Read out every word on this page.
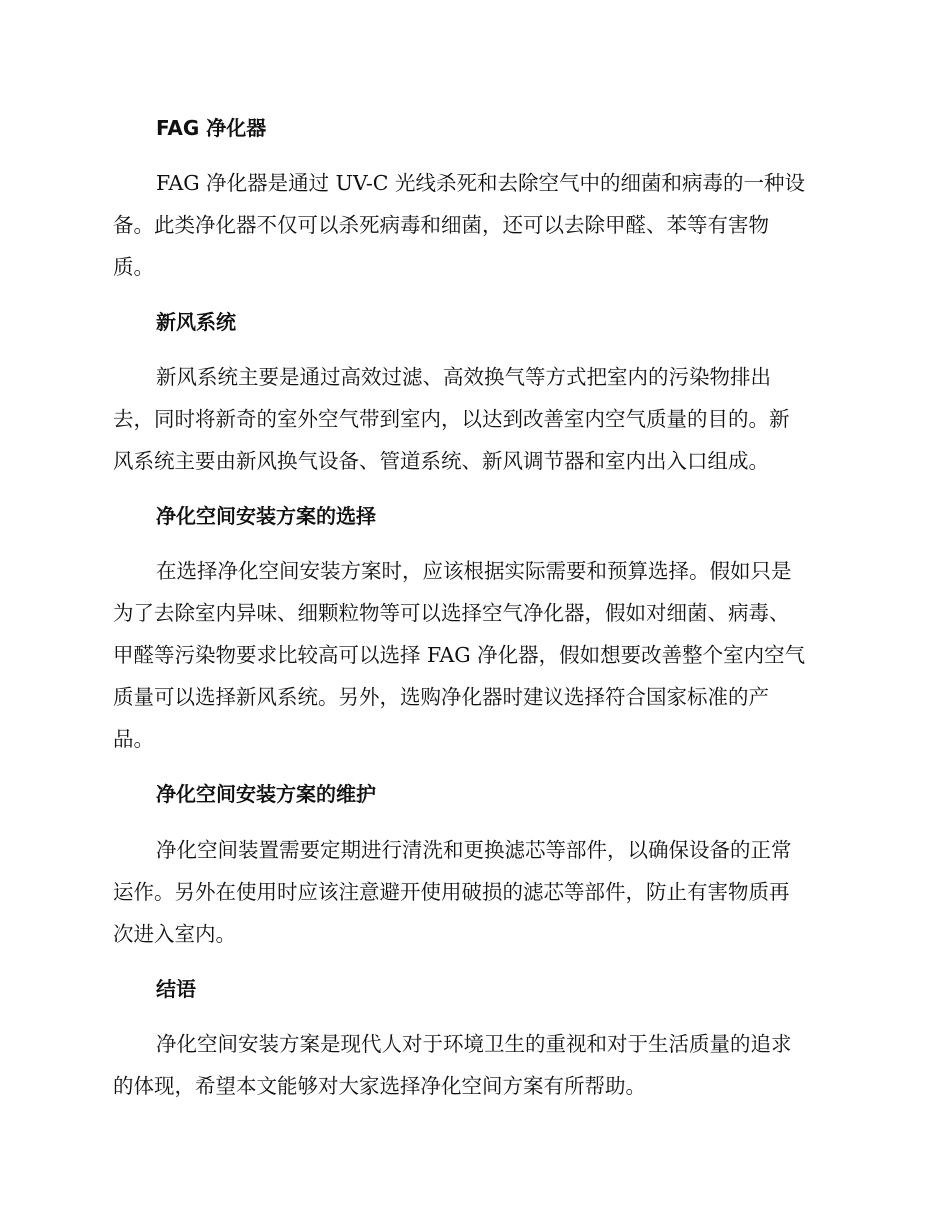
FAG 净化器
FAG 净化器是通过 UV-C 光线杀死和去除空气中的细菌和病毒的一种设
备。此类净化器不仅可以杀死病毒和细菌，还可以去除甲醛、苯等有害物
质。
新风系统
新风系统主要是通过高效过滤、高效换气等方式把室内的污染物排出
去，同时将新奇的室外空气带到室内，以达到改善室内空气质量的目的。新
风系统主要由新风换气设备、管道系统、新风调节器和室内出入口组成。
净化空间安装方案的选择
在选择净化空间安装方案时，应该根据实际需要和预算选择。假如只是
为了去除室内异味、细颗粒物等可以选择空气净化器，假如对细菌、病毒、
甲醛等污染物要求比较高可以选择 FAG 净化器，假如想要改善整个室内空气
质量可以选择新风系统。另外，选购净化器时建议选择符合国家标准的产
品。
净化空间安装方案的维护
净化空间装置需要定期进行清洗和更换滤芯等部件，以确保设备的正常
运作。另外在使用时应该注意避开使用破损的滤芯等部件，防止有害物质再
次进入室内。
结语
净化空间安装方案是现代人对于环境卫生的重视和对于生活质量的追求
的体现，希望本文能够对大家选择净化空间方案有所帮助。
